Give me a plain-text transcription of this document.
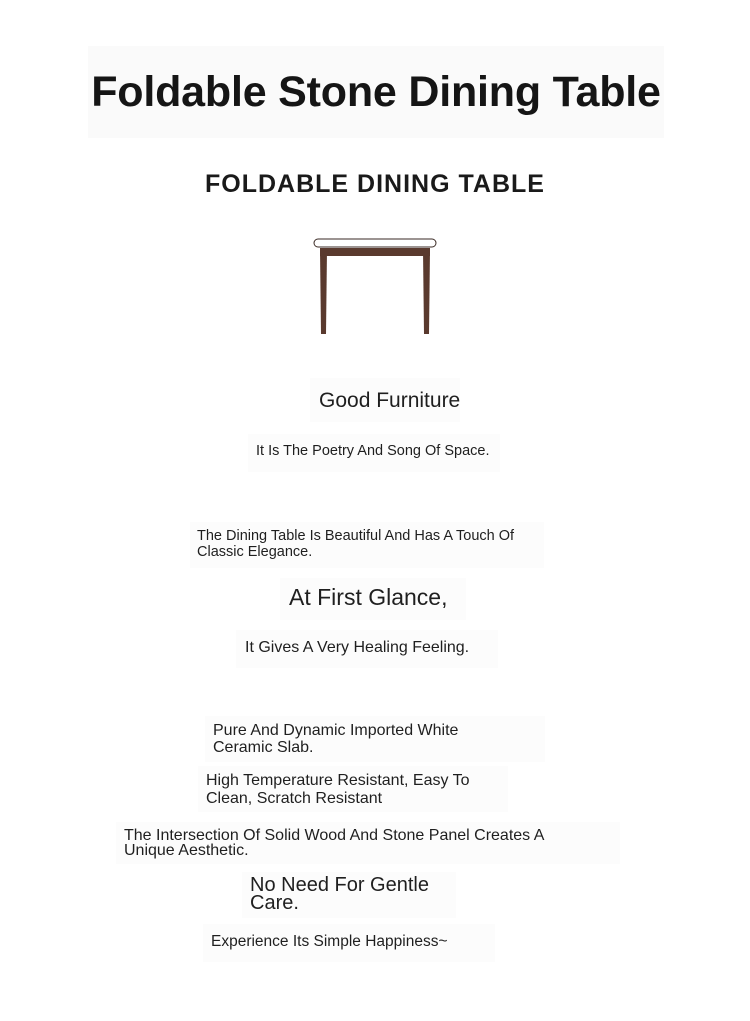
Foldable Stone Dining Table
FOLDABLE DINING TABLE
Good Furniture
It Is The Poetry And Song Of Space.
The Dining Table Is Beautiful And Has A Touch Of Classic Elegance.
At First Glance,
It Gives A Very Healing Feeling.
Pure And Dynamic Imported White Ceramic Slab.
High Temperature Resistant, Easy To Clean, Scratch Resistant
The Intersection Of Solid Wood And Stone Panel Creates A Unique Aesthetic.
No Need For Gentle Care.
Experience Its Simple Happiness~
